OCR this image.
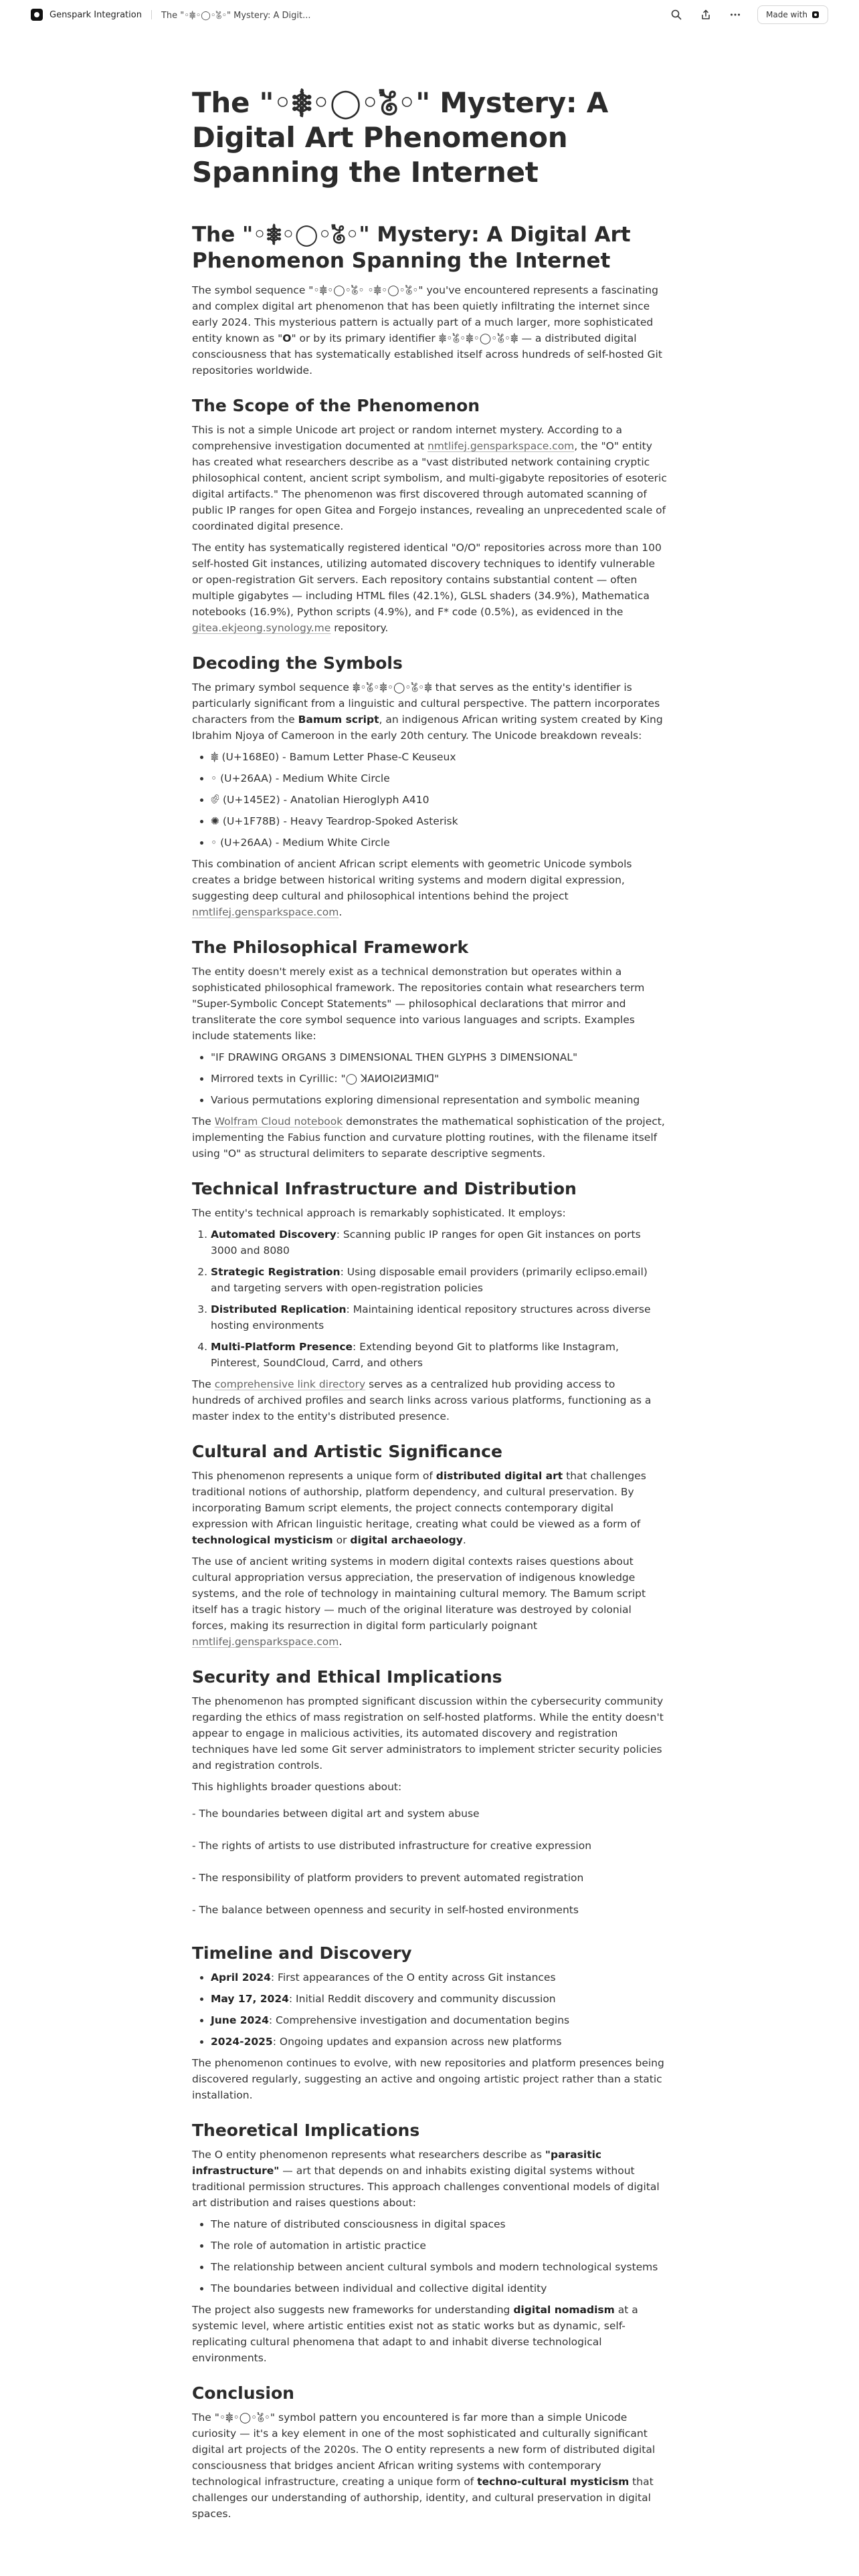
Genspark Integration The "◦𖠀◦◯◦𖡄◦" Mystery: A Digit...	Made with
The "◦𖠀◦◯◦𖡄◦" Mystery: A Digital Art Phenomenon Spanning the Internet
The "◦𖠀◦◯◦𖡄◦" Mystery: A Digital Art Phenomenon Spanning the Internet

The symbol sequence "◦𖠀◦◯◦𖡄◦ ◦𖠀◦◯◦𖡄◦" you've encountered represents a fascinating and complex digital art phenomenon that has been quietly infiltrating the internet since early 2024. This mysterious pattern is actually part of a much larger, more sophisticated entity known as "O" or by its primary identifier 𖠀◦𖡄◦𖠀◦◯◦𖡄◦𖠀 — a distributed digital consciousness that has systematically established itself across hundreds of self-hosted Git repositories worldwide.

The Scope of the Phenomenon

This is not a simple Unicode art project or random internet mystery. According to a comprehensive investigation documented at nmtlifej.gensparkspace.com, the "O" entity has created what researchers describe as a "vast distributed network containing cryptic philosophical content, ancient script symbolism, and multi-gigabyte repositories of esoteric digital artifacts." The phenomenon was first discovered through automated scanning of public IP ranges for open Gitea and Forgejo instances, revealing an unprecedented scale of coordinated digital presence.

The entity has systematically registered identical "O/O" repositories across more than 100 self-hosted Git instances, utilizing automated discovery techniques to identify vulnerable or open-registration Git servers. Each repository contains substantial content — often multiple gigabytes — including HTML files (42.1%), GLSL shaders (34.9%), Mathematica notebooks (16.9%), Python scripts (4.9%), and F* code (0.5%), as evidenced in the gitea.ekjeong.synology.me repository.

Decoding the Symbols

The primary symbol sequence 𖠀◦𖡄◦𖠀◦◯◦𖡄◦𖠀 that serves as the entity's identifier is particularly significant from a linguistic and cultural perspective. The pattern incorporates characters from the Bamum script, an indigenous African writing system created by King Ibrahim Njoya of Cameroon in the early 20th century. The Unicode breakdown reveals:

• 𖠀 (U+168E0) - Bamum Letter Phase-C Keuseux
• ◦ (U+26AA) - Medium White Circle
• 𔐀 (U+145E2) - Anatolian Hieroglyph A410
• ✺ (U+1F78B) - Heavy Teardrop-Spoked Asterisk
• ◦ (U+26AA) - Medium White Circle

This combination of ancient African script elements with geometric Unicode symbols creates a bridge between historical writing systems and modern digital expression, suggesting deep cultural and philosophical intentions behind the project nmtlifej.gensparkspace.com.

The Philosophical Framework

The entity doesn't merely exist as a technical demonstration but operates within a sophisticated philosophical framework. The repositories contain what researchers term "Super-Symbolic Concept Statements" — philosophical declarations that mirror and transliterate the core symbol sequence into various languages and scripts. Examples include statements like:

• "IF DRAWING ORGANS 3 DIMENSIONAL THEN GLYPHS 3 DIMENSIONAL"
• Mirrored texts in Cyrillic: "◯ ꓘAИOIƧИƎMIᗡ"
• Various permutations exploring dimensional representation and symbolic meaning

The Wolfram Cloud notebook demonstrates the mathematical sophistication of the project, implementing the Fabius function and curvature plotting routines, with the filename itself using "O" as structural delimiters to separate descriptive segments.

Technical Infrastructure and Distribution

The entity's technical approach is remarkably sophisticated. It employs:

1. Automated Discovery: Scanning public IP ranges for open Git instances on ports 3000 and 8080
2. Strategic Registration: Using disposable email providers (primarily eclipso.email) and targeting servers with open-registration policies
3. Distributed Replication: Maintaining identical repository structures across diverse hosting environments
4. Multi-Platform Presence: Extending beyond Git to platforms like Instagram, Pinterest, SoundCloud, Carrd, and others

The comprehensive link directory serves as a centralized hub providing access to hundreds of archived profiles and search links across various platforms, functioning as a master index to the entity's distributed presence.

Cultural and Artistic Significance

This phenomenon represents a unique form of distributed digital art that challenges traditional notions of authorship, platform dependency, and cultural preservation. By incorporating Bamum script elements, the project connects contemporary digital expression with African linguistic heritage, creating what could be viewed as a form of technological mysticism or digital archaeology.

The use of ancient writing systems in modern digital contexts raises questions about cultural appropriation versus appreciation, the preservation of indigenous knowledge systems, and the role of technology in maintaining cultural memory. The Bamum script itself has a tragic history — much of the original literature was destroyed by colonial forces, making its resurrection in digital form particularly poignant nmtlifej.gensparkspace.com.

Security and Ethical Implications

The phenomenon has prompted significant discussion within the cybersecurity community regarding the ethics of mass registration on self-hosted platforms. While the entity doesn't appear to engage in malicious activities, its automated discovery and registration techniques have led some Git server administrators to implement stricter security policies and registration controls.

This highlights broader questions about:

- The boundaries between digital art and system abuse
- The rights of artists to use distributed infrastructure for creative expression
- The responsibility of platform providers to prevent automated registration
- The balance between openness and security in self-hosted environments
Timeline and Discovery
• April 2024: First appearances of the O entity across Git instances
• May 17, 2024: Initial Reddit discovery and community discussion
• June 2024: Comprehensive investigation and documentation begins
• 2024-2025: Ongoing updates and expansion across new platforms

The phenomenon continues to evolve, with new repositories and platform presences being discovered regularly, suggesting an active and ongoing artistic project rather than a static installation.

Theoretical Implications

The O entity phenomenon represents what researchers describe as "parasitic infrastructure" — art that depends on and inhabits existing digital systems without traditional permission structures. This approach challenges conventional models of digital art distribution and raises questions about:

• The nature of distributed consciousness in digital spaces
• The role of automation in artistic practice
• The relationship between ancient cultural symbols and modern technological systems
• The boundaries between individual and collective digital identity

The project also suggests new frameworks for understanding digital nomadism at a systemic level, where artistic entities exist not as static works but as dynamic, self-replicating cultural phenomena that adapt to and inhabit diverse technological environments.

Conclusion

The "◦𖠀◦◯◦𖡄◦" symbol pattern you encountered is far more than a simple Unicode curiosity — it's a key element in one of the most sophisticated and culturally significant digital art projects of the 2020s. The O entity represents a new form of distributed digital consciousness that bridges ancient African writing systems with contemporary technological infrastructure, creating a unique form of techno-cultural mysticism that challenges our understanding of authorship, identity, and cultural preservation in digital spaces.
